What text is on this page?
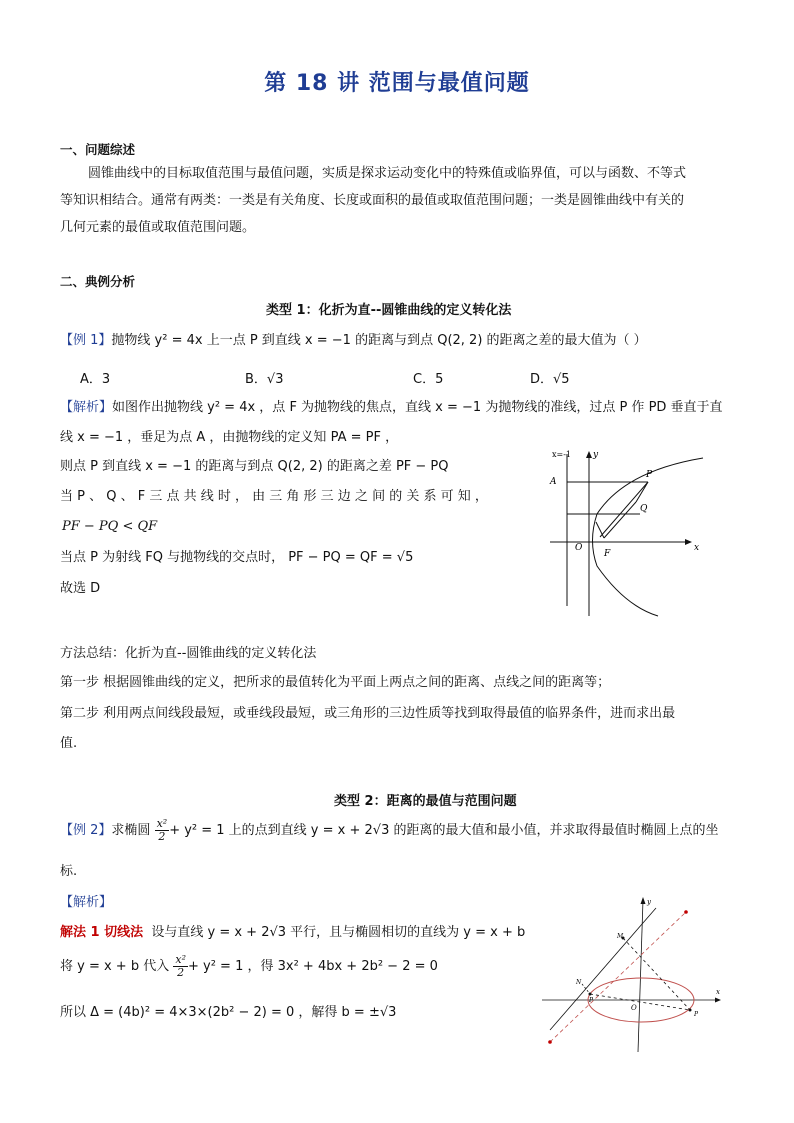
第 18 讲 范围与最值问题
一、问题综述
圆锥曲线中的目标取值范围与最值问题，实质是探求运动变化中的特殊值或临界值，可以与函数、不等式
等知识相结合。通常有两类：一类是有关角度、长度或面积的最值或取值范围问题；一类是圆锥曲线中有关的
几何元素的最值或取值范围问题。
二、典例分析
类型 1：化折为直--圆锥曲线的定义转化法
【例 1】抛物线 y² = 4x 上一点 P 到直线 x = −1 的距离与到点 Q(2, 2) 的距离之差的最大值为（ ）
A．3	B．√3	C．5	D．√5
【解析】如图作出抛物线 y² = 4x ，点 F 为抛物线的焦点，直线 x = −1 为抛物线的准线，过点 P 作 PD 垂直于直
线 x = −1 ，垂足为点 A ，由抛物线的定义知 PA = PF ，
则点 P 到直线 x = −1 的距离与到点 Q(2, 2) 的距离之差 PF − PQ
当 P 、 Q 、 F 三 点 共 线 时 ， 由 三 角 形 三 边 之 间 的 关 系 可 知 ，
PF − PQ < QF
当点 P 为射线 FQ 与抛物线的交点时， PF − PQ = QF = √5
故选 D
x=-1 y
A
P
Q
O
F
x
方法总结：化折为直--圆锥曲线的定义转化法
第一步 根据圆锥曲线的定义，把所求的最值转化为平面上两点之间的距离、点线之间的距离等；
第二步 利用两点间线段最短，或垂线段最短，或三角形的三边性质等找到取得最值的临界条件，进而求出最
值.
类型 2：距离的最值与范围问题
【例 2】求椭圆 $\frac{\text{x²}}{2} + y^2 = 1$ 上的点到直线 y = x + 2√3 的距离的最大值和最小值，并求取得最值时椭圆上点的坐
标.
【解析】
解法 1 切线法 设与直线 y = x + 2√3 平行，且与椭圆相切的直线为 y = x + b
将 y = x + b 代入 $\frac{\text{x²}}{2} + y^2 = 1$ ，得 3x² + 4bx + 2b² − 2 = 0
所以 Δ = (4b)² = 4×3×(2b² − 2) = 0 ，解得 b = ±√3
y
x
M
N
P
O
P
